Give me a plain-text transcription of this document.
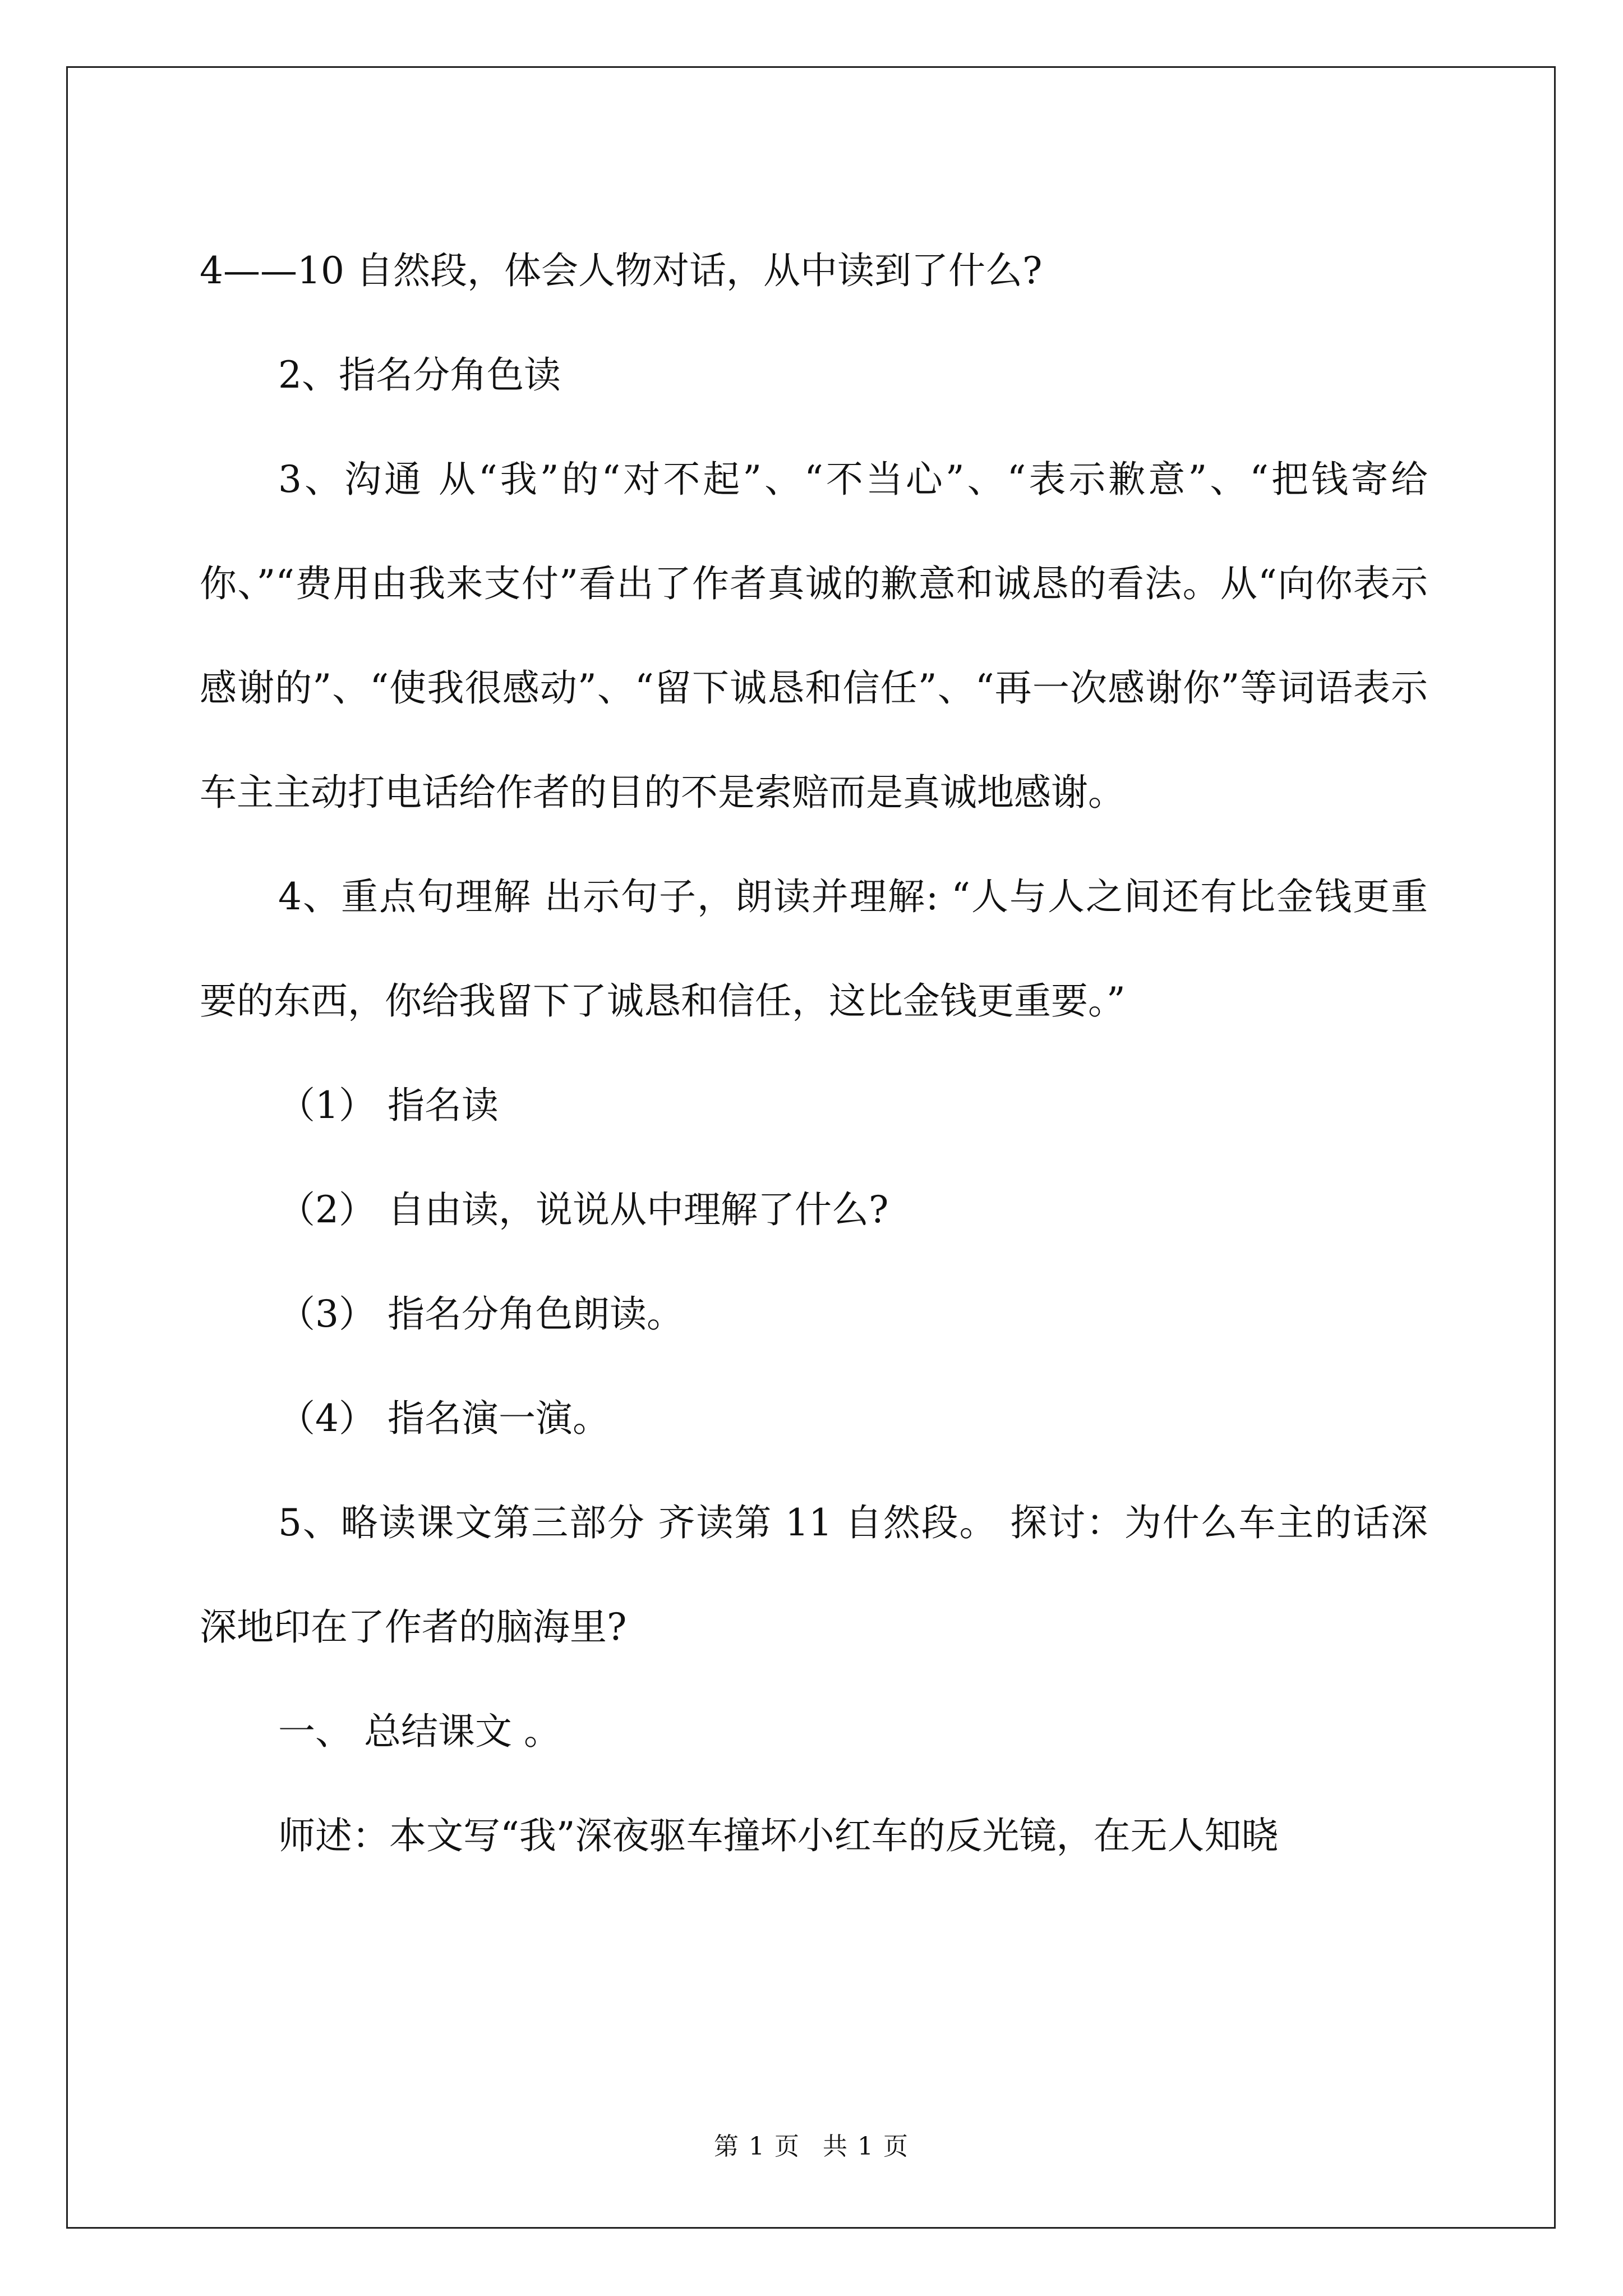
4——10 自然段，体会人物对话，从中读到了什么?

2、指名分角色读

3、沟通 从“我”的“对不起”、“不当心”、“表示歉意”、“把钱寄给你、”“费用由我来支付”看出了作者真诚的歉意和诚恳的看法。从“向你表示感谢的”、“使我很感动”、“留下诚恳和信任”、“再一次感谢你”等词语表示车主主动打电话给作者的目的不是索赔而是真诚地感谢。

4、重点句理解 出示句子，朗读并理解: “人与人之间还有比金钱更重要的东西，你给我留下了诚恳和信任，这比金钱更重要。”

（1） 指名读

（2） 自由读，说说从中理解了什么?

（3） 指名分角色朗读。

（4） 指名演一演。

5、略读课文第三部分 齐读第 11 自然段。 探讨：为什么车主的话深深地印在了作者的脑海里?

一、 总结课文 。

师述：本文写“我”深夜驱车撞坏小红车的反光镜，在无人知晓

第 1 页 共 1 页
